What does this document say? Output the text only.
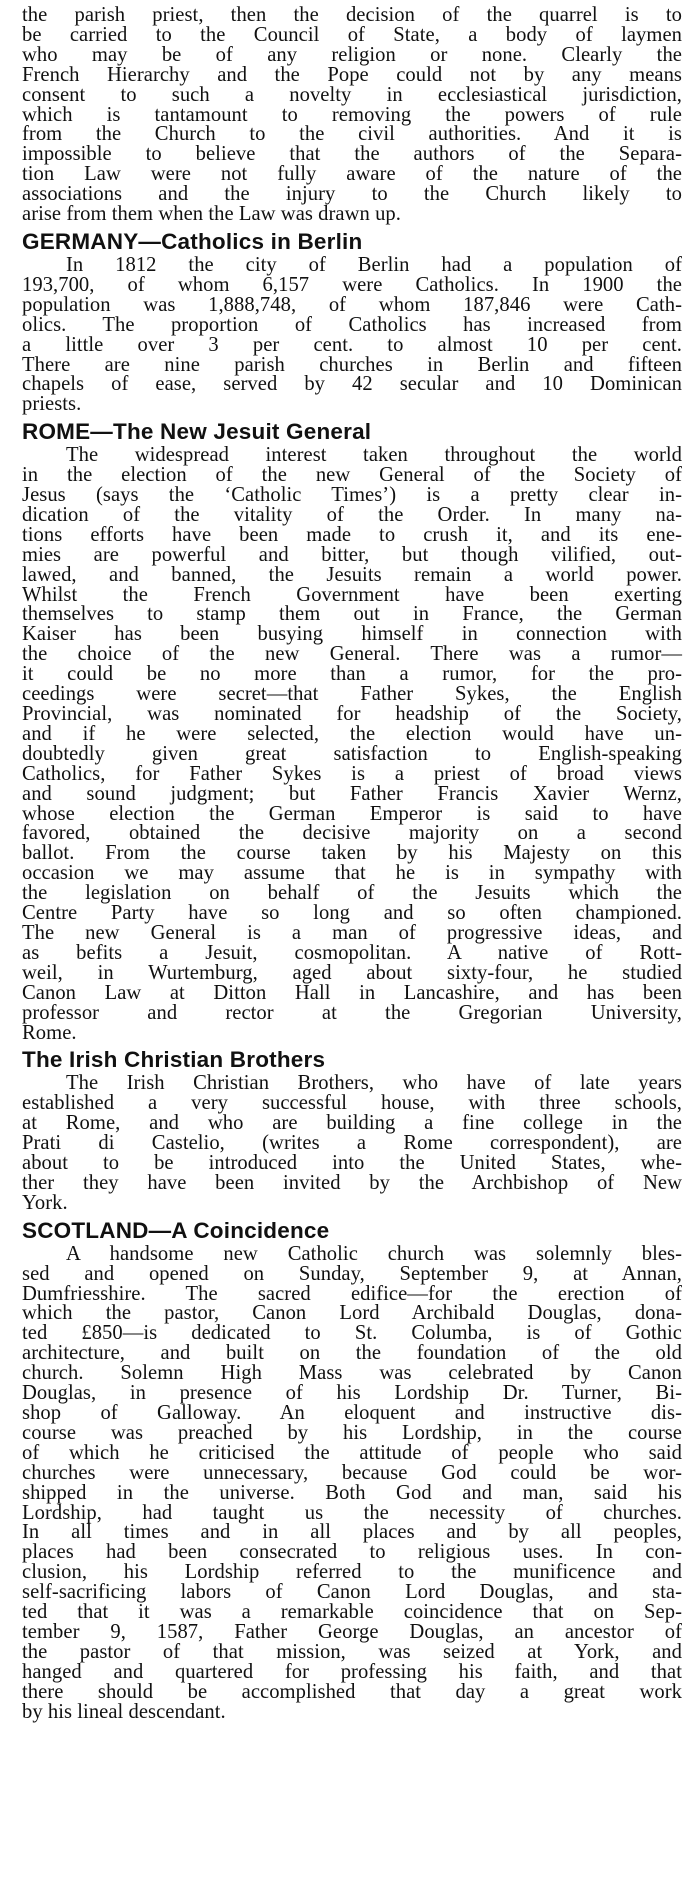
the parish priest, then the decision of the quarrel is to
be carried to the Council of State, a body of laymen
who may be of any religion or none. Clearly the
French Hierarchy and the Pope could not by any means
consent to such a novelty in ecclesiastical jurisdiction,
which is tantamount to removing the powers of rule
from the Church to the civil authorities. And it is
impossible to believe that the authors of the Separa-
tion Law were not fully aware of the nature of the
associations and the injury to the Church likely to
arise from them when the Law was drawn up.
GERMANY—Catholics in Berlin
In 1812 the city of Berlin had a population of
193,700, of whom 6,157 were Catholics. In 1900 the
population was 1,888,748, of whom 187,846 were Cath-
olics. The proportion of Catholics has increased from
a little over 3 per cent. to almost 10 per cent.
There are nine parish churches in Berlin and fifteen
chapels of ease, served by 42 secular and 10 Dominican
priests.
ROME—The New Jesuit General
The widespread interest taken throughout the world
in the election of the new General of the Society of
Jesus (says the ‘Catholic Times’) is a pretty clear in-
dication of the vitality of the Order. In many na-
tions efforts have been made to crush it, and its ene-
mies are powerful and bitter, but though vilified, out-
lawed, and banned, the Jesuits remain a world power.
Whilst the French Government have been exerting
themselves to stamp them out in France, the German
Kaiser has been busying himself in connection with
the choice of the new General. There was a rumor—
it could be no more than a rumor, for the pro-
ceedings were secret—that Father Sykes, the English
Provincial, was nominated for headship of the Society,
and if he were selected, the election would have un-
doubtedly given great satisfaction to English-speaking
Catholics, for Father Sykes is a priest of broad views
and sound judgment; but Father Francis Xavier Wernz,
whose election the German Emperor is said to have
favored, obtained the decisive majority on a second
ballot. From the course taken by his Majesty on this
occasion we may assume that he is in sympathy with
the legislation on behalf of the Jesuits which the
Centre Party have so long and so often championed.
The new General is a man of progressive ideas, and
as befits a Jesuit, cosmopolitan. A native of Rott-
weil, in Wurtemburg, aged about sixty-four, he studied
Canon Law at Ditton Hall in Lancashire, and has been
professor and rector at the Gregorian University,
Rome.
The Irish Christian Brothers
The Irish Christian Brothers, who have of late years
established a very successful house, with three schools,
at Rome, and who are building a fine college in the
Prati di Castelio, (writes a Rome correspondent), are
about to be introduced into the United States, whe-
ther they have been invited by the Archbishop of New
York.
SCOTLAND—A Coincidence
A handsome new Catholic church was solemnly bles-
sed and opened on Sunday, September 9, at Annan,
Dumfriesshire. The sacred edifice—for the erection of
which the pastor, Canon Lord Archibald Douglas, dona-
ted £850—is dedicated to St. Columba, is of Gothic
architecture, and built on the foundation of the old
church. Solemn High Mass was celebrated by Canon
Douglas, in presence of his Lordship Dr. Turner, Bi-
shop of Galloway. An eloquent and instructive dis-
course was preached by his Lordship, in the course
of which he criticised the attitude of people who said
churches were unnecessary, because God could be wor-
shipped in the universe. Both God and man, said his
Lordship, had taught us the necessity of churches.
In all times and in all places and by all peoples,
places had been consecrated to religious uses. In con-
clusion, his Lordship referred to the munificence and
self-sacrificing labors of Canon Lord Douglas, and sta-
ted that it was a remarkable coincidence that on Sep-
tember 9, 1587, Father George Douglas, an ancestor of
the pastor of that mission, was seized at York, and
hanged and quartered for professing his faith, and that
there should be accomplished that day a great work
by his lineal descendant.
